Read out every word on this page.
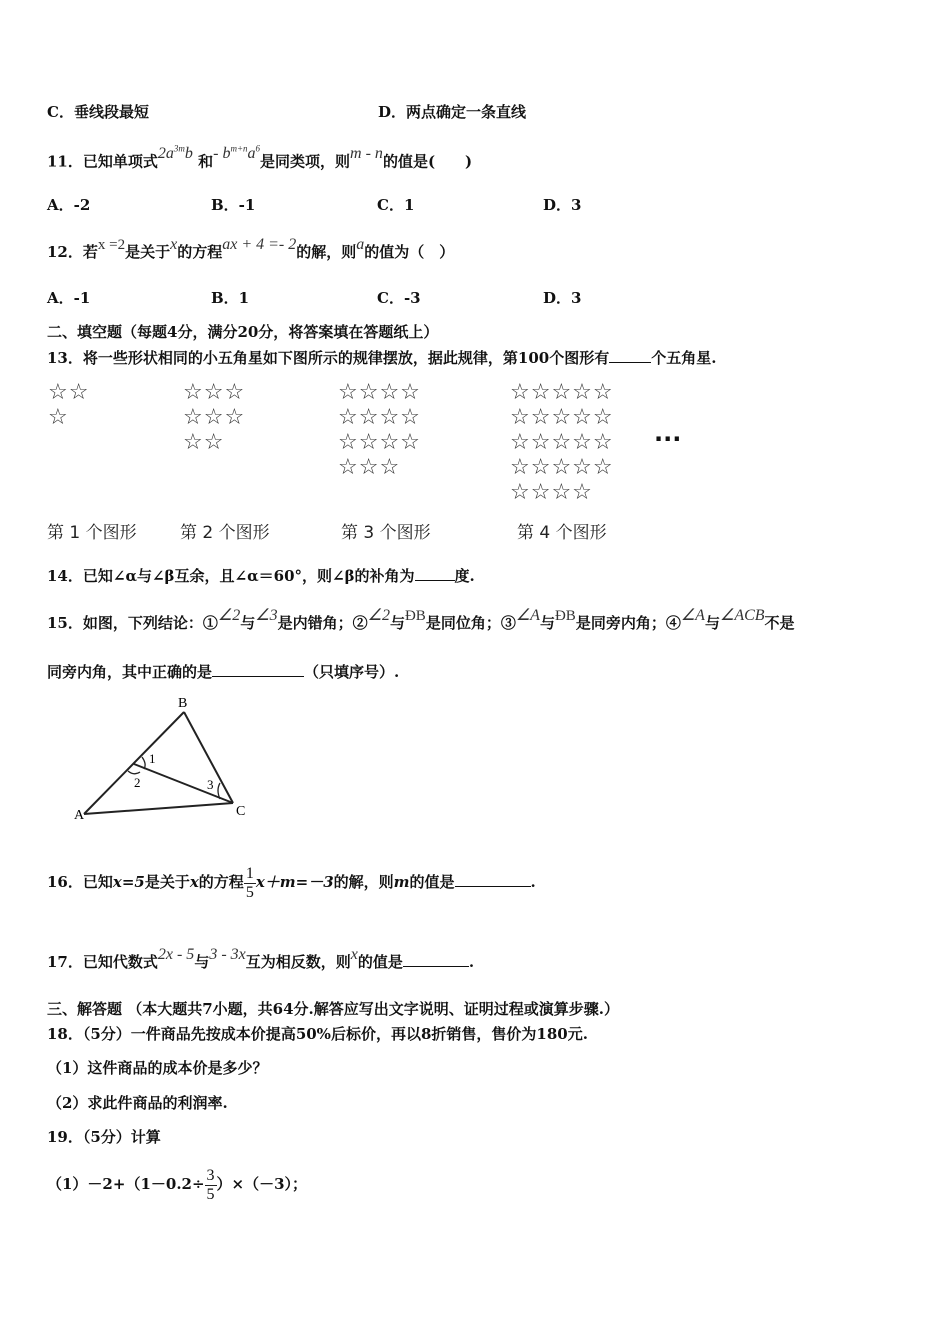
C．垂线段最短	D．两点确定一条直线
11．已知单项式$2a^{3m}b$ 和- $b^{m+n}a^6$是同类项，则m - n的值是(　　)
A．-2	B．-1	C．1	D．3
12．若x =2是关于x的方程ax + 4 =- 2的解，则a的值为（　）
A．-1	B．1	C．-3	D．3
二、填空题（每题4分，满分20分，将答案填在答题纸上）
13．将一些形状相同的小五角星如下图所示的规律摆放，据此规律，第100个图形有	个五角星.
☆☆
☆
☆☆☆
☆☆☆
☆☆
☆☆☆☆
☆☆☆☆
☆☆☆☆
☆☆☆
☆☆☆☆☆
☆☆☆☆☆
☆☆☆☆☆
☆☆☆☆☆
☆☆☆☆
···
第 1 个图形	第 2 个图形	第 3 个图形	第 4 个图形
14．已知∠α与∠β互余，且∠α＝60°，则∠β的补角为	度.
15．如图，下列结论：①∠2与∠3是内错角；②∠2与ÐB是同位角；③∠A与ÐB是同旁内角；④∠A与∠ACB不是
同旁内角，其中正确的是	（只填序号）.
B
A	C
1
2	3
16．已知x=5是关于x的方程 $\frac{1}{5} x+m=-3$的解，则m的值是	.
17．已知代数式2x - 5与3 - 3x互为相反数，则x的值是	.
三、解答题 （本大题共7小题，共64分.解答应写出文字说明、证明过程或演算步骤.）
18．（5分）一件商品先按成本价提高50%后标价，再以8折销售，售价为180元.
（1）这件商品的成本价是多少？
（2）求此件商品的利润率.
19．（5分）计算
$(1)-2+(1-0.2\div \frac{3}{5} )\times(-3)$；
